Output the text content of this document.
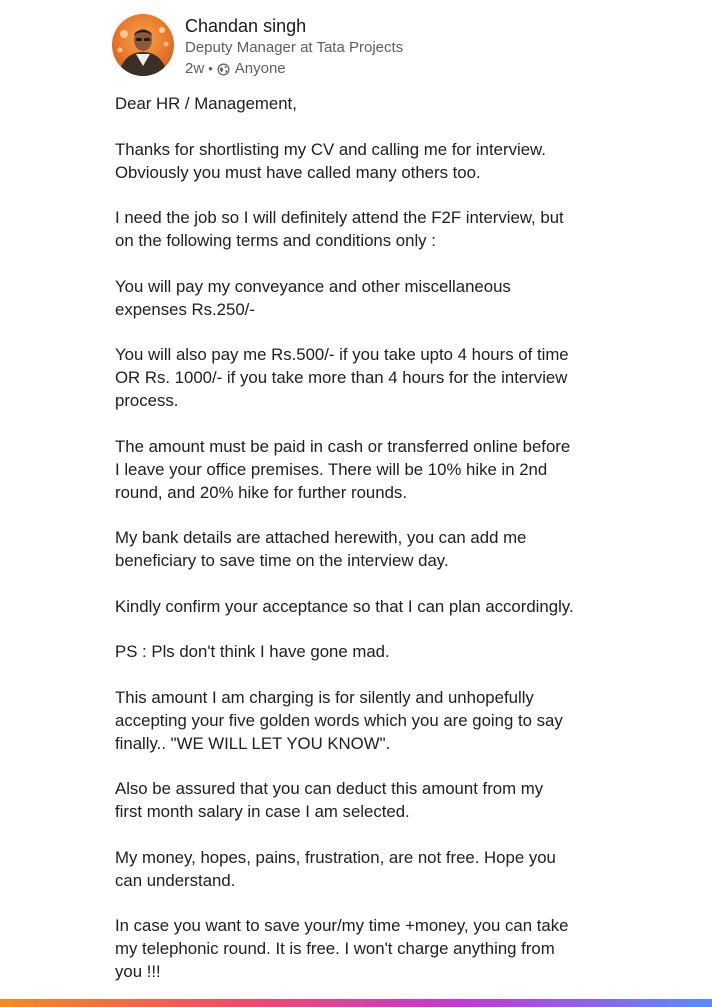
Chandan singh
Deputy Manager at Tata Projects
2w • Anyone

Dear HR / Management,

Thanks for shortlisting my CV and calling me for interview.
Obviously you must have called many others too.

I need the job so I will definitely attend the F2F interview, but
on the following terms and conditions only :

You will pay my conveyance and other miscellaneous
expenses Rs.250/-

You will also pay me Rs.500/- if you take upto 4 hours of time
OR Rs. 1000/- if you take more than 4 hours for the interview
process.

The amount must be paid in cash or transferred online before
I leave your office premises. There will be 10% hike in 2nd
round, and 20% hike for further rounds.

My bank details are attached herewith, you can add me
beneficiary to save time on the interview day.

Kindly confirm your acceptance so that I can plan accordingly.

PS : Pls don't think I have gone mad.

This amount I am charging is for silently and unhopefully
accepting your five golden words which you are going to say
finally.. "WE WILL LET YOU KNOW".

Also be assured that you can deduct this amount from my
first month salary in case I am selected.

My money, hopes, pains, frustration, are not free. Hope you
can understand.

In case you want to save your/my time +money, you can take
my telephonic round. It is free. I won't charge anything from
you !!!
